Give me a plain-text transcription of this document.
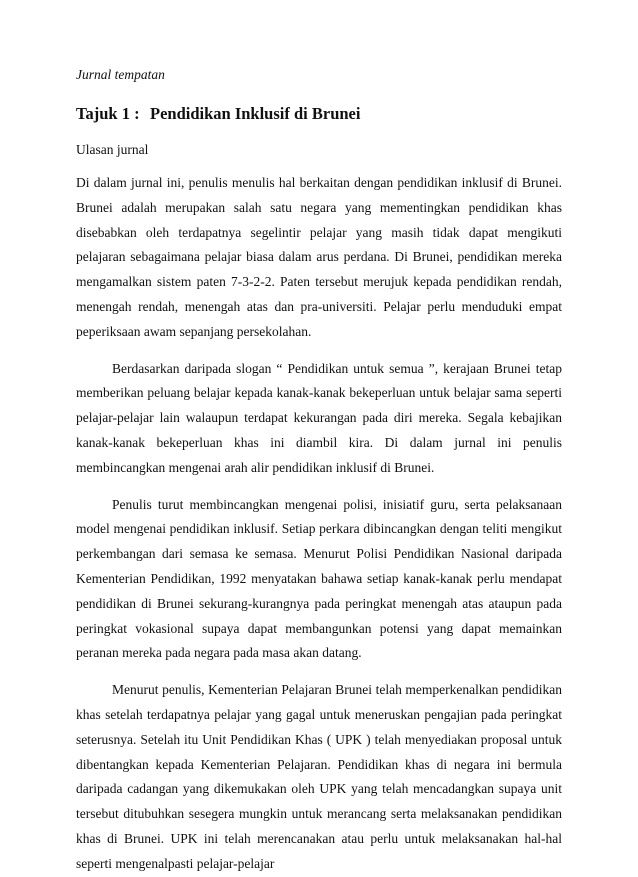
Jurnal tempatan

Tajuk 1 : Pendidikan Inklusif di Brunei

Ulasan jurnal

Di dalam jurnal ini, penulis menulis hal berkaitan dengan pendidikan inklusif di Brunei. Brunei adalah merupakan salah satu negara yang mementingkan pendidikan khas disebabkan oleh terdapatnya segelintir pelajar yang masih tidak dapat mengikuti pelajaran sebagaimana pelajar biasa dalam arus perdana. Di Brunei, pendidikan mereka mengamalkan sistem paten 7-3-2-2. Paten tersebut merujuk kepada pendidikan rendah, menengah rendah, menengah atas dan pra-universiti. Pelajar perlu menduduki empat peperiksaan awam sepanjang persekolahan.

Berdasarkan daripada slogan “ Pendidikan untuk semua ”, kerajaan Brunei tetap memberikan peluang belajar kepada kanak-kanak bekeperluan untuk belajar sama seperti pelajar-pelajar lain walaupun terdapat kekurangan pada diri mereka. Segala kebajikan kanak-kanak bekeperluan khas ini diambil kira. Di dalam jurnal ini penulis membincangkan mengenai arah alir pendidikan inklusif di Brunei.

Penulis turut membincangkan mengenai polisi, inisiatif guru, serta pelaksanaan model mengenai pendidikan inklusif. Setiap perkara dibincangkan dengan teliti mengikut perkembangan dari semasa ke semasa. Menurut Polisi Pendidikan Nasional daripada Kementerian Pendidikan, 1992 menyatakan bahawa setiap kanak-kanak perlu mendapat pendidikan di Brunei sekurang-kurangnya pada peringkat menengah atas ataupun pada peringkat vokasional supaya dapat membangunkan potensi yang dapat memainkan peranan mereka pada negara pada masa akan datang.

Menurut penulis, Kementerian Pelajaran Brunei telah memperkenalkan pendidikan khas setelah terdapatnya pelajar yang gagal untuk meneruskan pengajian pada peringkat seterusnya. Setelah itu Unit Pendidikan Khas ( UPK ) telah menyediakan proposal untuk dibentangkan kepada Kementerian Pelajaran. Pendidikan khas di negara ini bermula daripada cadangan yang dikemukakan oleh UPK yang telah mencadangkan supaya unit tersebut ditubuhkan sesegera mungkin untuk merancang serta melaksanakan pendidikan khas di Brunei. UPK ini telah merencanakan atau perlu untuk melaksanakan hal-hal seperti mengenalpasti pelajar-pelajar
